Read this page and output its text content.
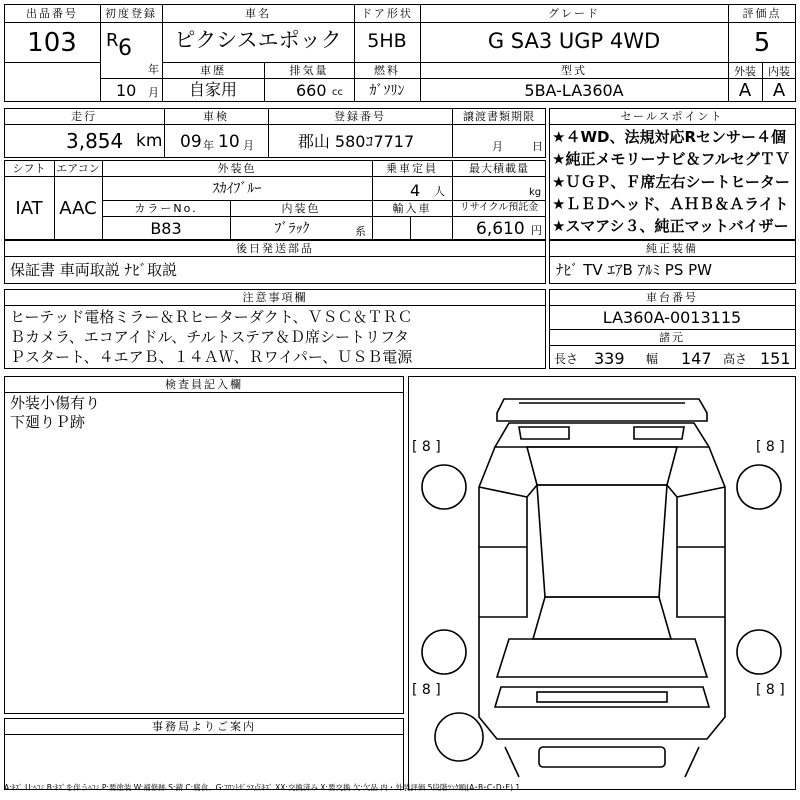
出品番号
103
初度登録
R 6
年
10 月
車名
ピクシスエポック
ドア形状
5HB
グレード
G SA3 UGP 4WD
評価点
5
車歴
自家用
排気量
660 cc
燃料
ｶﾞｿﾘﾝ
型式
5BA-LA360A
外装 内装
A A
走行
3,854 km
車検
09 年 10 月
登録番号
郡山 580ｺ7717
譲渡書類期限
月	日
シフト エアコン
IAT AAC
外装色
ｽｶｲﾌﾞﾙｰ
乗車定員
4 人
最大積載量
kg
カラーNo.
B83
内装色
ﾌﾞﾗｯｸ	系
輸入車	リサイクル預託金
6,610 円
セールスポイント
★４WD、法規対応Rセンサー４個
★純正メモリーナビ＆フルセグＴＶ
★ＵＧＰ、Ｆ席左右シートヒーター
★ＬＥＤヘッド、ＡＨＢ＆Ａライト
★スマアシ３、純正マットバイザー
後日発送部品
保証書 車両取説 ﾅﾋﾞ取説
純正装備
ﾅﾋﾞ TV ｴｱB ｱﾙﾐ PS PW
注意事項欄
ヒーテッド電格ミラー＆Ｒヒーターダクト、ＶＳＣ＆ＴＲＣ
Ｂカメラ、エコアイドル、チルトステア＆Ｄ席シートリフタ
Ｐスタート、４エアＢ、１４ＡＷ、Ｒワイパー、ＵＳＢ電源
車台番号
LA360A-0013115
諸元
長さ 339 幅 147 高さ 151
検査員記入欄
外装小傷有り
下廻りＰ跡
[ 8 ]	[ 8 ]
[ 8 ]	[ 8 ]
事務局よりご案内
A:ｷｽﾞ U:ﾍｺﾐ B:ｷｽﾞを伴うﾍｺﾐ P:要塗装 W:補修跡 S:錆 C:腐食、G:ﾌﾛﾝﾄｶﾞﾗｽ点ｷｽﾞ XX:交換済み X:要交換 欠:欠品 内・外装評価 5段階ﾗﾝｸ順(A･B･C･D･E) 1
